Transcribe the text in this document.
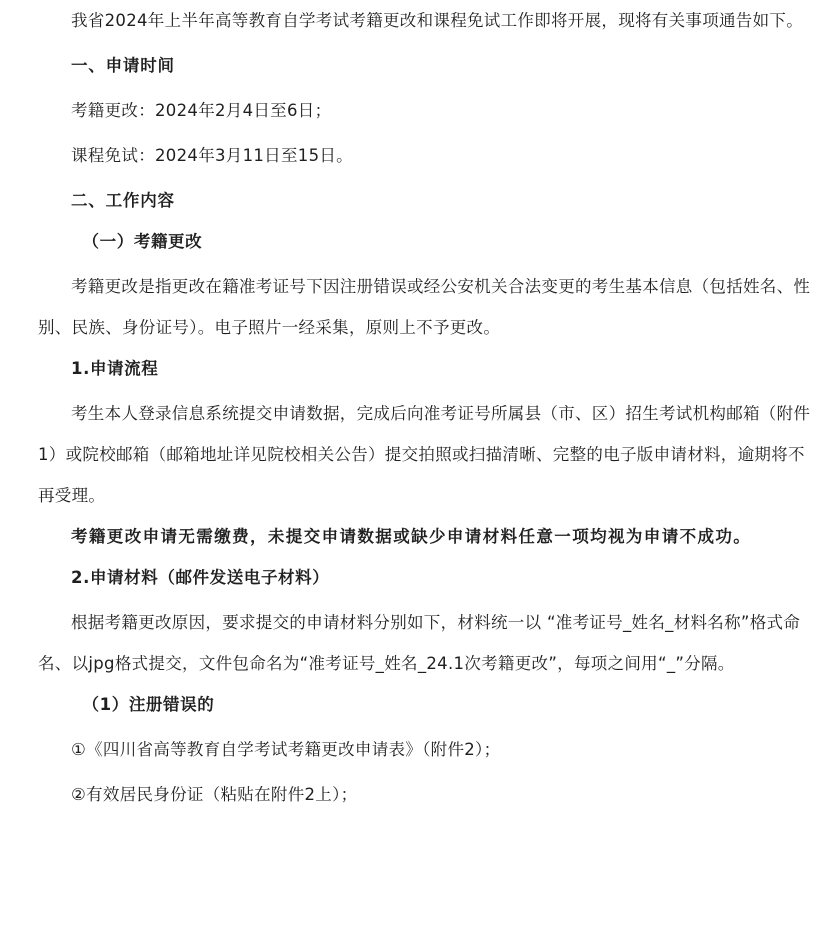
我省2024年上半年高等教育自学考试考籍更改和课程免试工作即将开展，现将有关事项通告如下。

一、申请时间

考籍更改：2024年2月4日至6日；

课程免试：2024年3月11日至15日。

二、工作内容

（一）考籍更改

考籍更改是指更改在籍准考证号下因注册错误或经公安机关合法变更的考生基本信息（包括姓名、性别、民族、身份证号）。电子照片一经采集，原则上不予更改。

1.申请流程

考生本人登录信息系统提交申请数据，完成后向准考证号所属县（市、区）招生考试机构邮箱（附件1）或院校邮箱（邮箱地址详见院校相关公告）提交拍照或扫描清晰、完整的电子版申请材料，逾期将不再受理。

考籍更改申请无需缴费，未提交申请数据或缺少申请材料任意一项均视为申请不成功。

2.申请材料（邮件发送电子材料）

根据考籍更改原因，要求提交的申请材料分别如下，材料统一以 “准考证号_姓名_材料名称”格式命名、以jpg格式提交，文件包命名为“准考证号_姓名_24.1次考籍更改”，每项之间用“_”分隔。

（1）注册错误的

①《四川省高等教育自学考试考籍更改申请表》（附件2）；

②有效居民身份证（粘贴在附件2上）；
